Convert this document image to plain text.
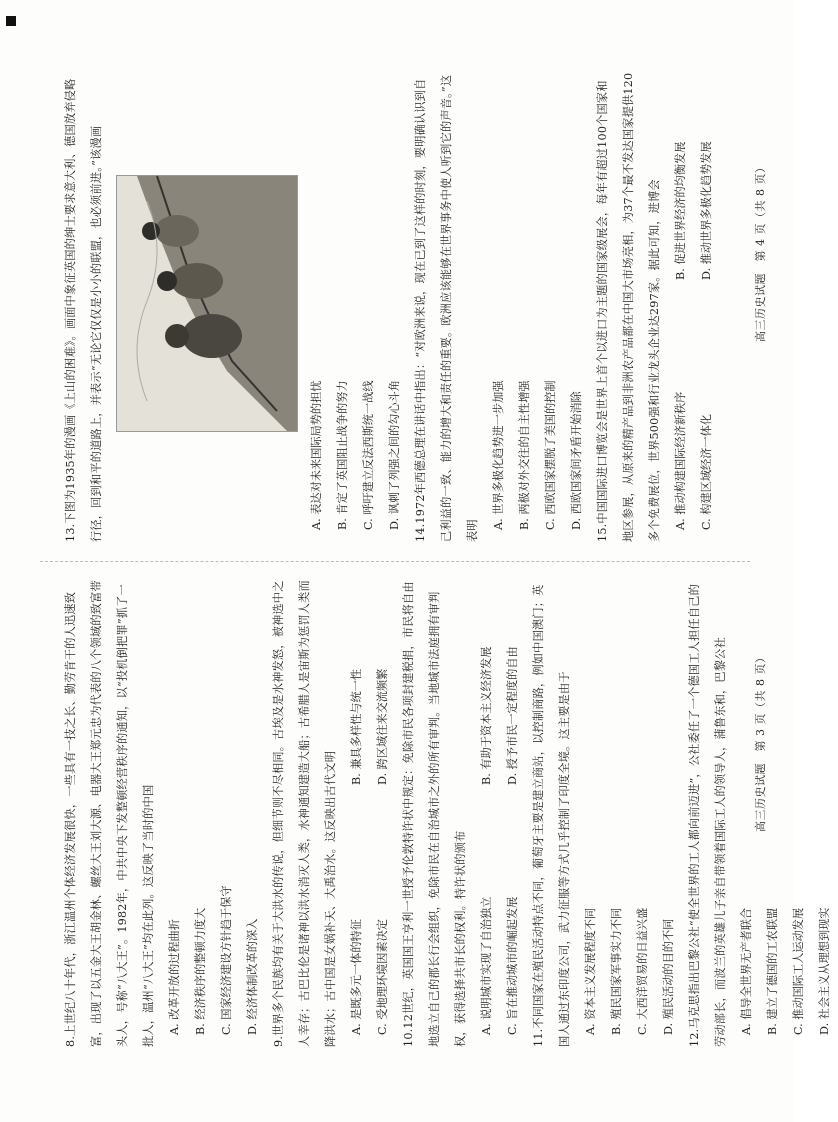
8.上世纪八十年代，浙江温州个体经济发展很快，一些具有一技之长、勤劳肯干的人迅速致富，出现了以五金大王胡金林、螺丝大王刘大源、电器大王郑元忠为代表的八个领域的致富带头人，号称“八大王”。1982年，中共中央下发整顿经营秩序的通知，以“投机倒把罪”抓了一批人，温州“八大王”均在此列。这反映了当时的中国	A. 改革开放的过程曲折	B. 经济秩序的整顿力度大	C. 国家经济建设方针趋于保守	D. 经济体制改革的深入	9.世界多个民族均有关于大洪水的传说，但细节则不尽相同。古埃及是水神发怒，被神选中之人幸存；古巴比伦是诸神以洪水消灭人类，水神通知建造大船；古希腊人是宙斯为惩罚人类而降洪水；古中国是女娲补天、大禹治水。这反映出古代文明	A. 是既多元一体的特征
B. 兼具多样性与统一性
C. 受地理环境因素决定
D. 跨区域往来交流频繁	10.12世纪，英国国王亨利一世授予伦敦特许状中规定：免除市民各项封建税捐，市民将自由地选立自己的郡长行会组织，免除市民在自治城市之外的所有审判。当地城市法庭拥有审判权，获得选择共市长的权利。特许状的颁布	A. 说明城市实现了自治独立
B. 有助于资本主义经济发展
C. 旨在推动城市的崛起发展
D. 授予市民一定程度的自由	11.不同国家在殖民活动特点不同，葡萄牙主要是建立商站，以控制商路，例如中国澳门；英国人通过东印度公司，武力征服等方式几乎控制了印度全境。这主要是由于	A. 资本主义发展程度不同	B. 殖民国家军事实力不同	C. 大西洋贸易的日益兴盛	D. 殖民活动的目的不同	12.马克思指出巴黎公社“使全世界的工人都向前迈进”，公社委任了一个德国工人担任自己的劳动部长，而波兰的英雄儿子亲自带领着国际工人的领导人，蒲鲁东和，巴黎公社	A. 倡导全世界无产者联合	B. 建立了德国的工农联盟	C. 推动国际工人运动发展	D. 社会主义从理想到现实
13.下图为1935年的漫画《上山的困难》。画面中象征英国的绅士要求意大利、德国放弃侵略行径，回到和平的道路上，并表示“无论它仅仅是小小的联盟，也必须前进。”该漫画	A. 表达对未来国际局势的担忧	B. 肯定了英国阻止战争的努力	C. 呼吁建立反法西斯统一战线	D. 讽刺了列强之间的勾心斗角	14.1972年西德总理在讲话中指出：“对欧洲来说，现在已到了这样的时刻，要明确认识到自己利益的一致、能力的增大和责任的重要。欧洲应该能够在世界事务中使人听到它的声音。”这表明
A. 世界多极化趋势进一步加强	B. 两极对外交往的自主性增强	C. 西欧国家摆脱了美国的控制	D. 西欧国家间矛盾开始消除	15.中国国际进口博览会是世界上首个以进口为主题的国家级展会，每年有超过100个国家和地区参展，从原来的精产品到非洲农产品都在中国大市场亮相，为37个最不发达国家提供120多个免费展位，世界500强和行业龙头企业达297家。据此可知，进博会	A. 推动构建国际经济新秩序
B. 促进世界经济的均衡发展
C. 构建区域经济一体化
D. 推动世界多极化趋势发展
高三历史试题　第 3 页（共 8 页）
高三历史试题　第 4 页（共 8 页）
